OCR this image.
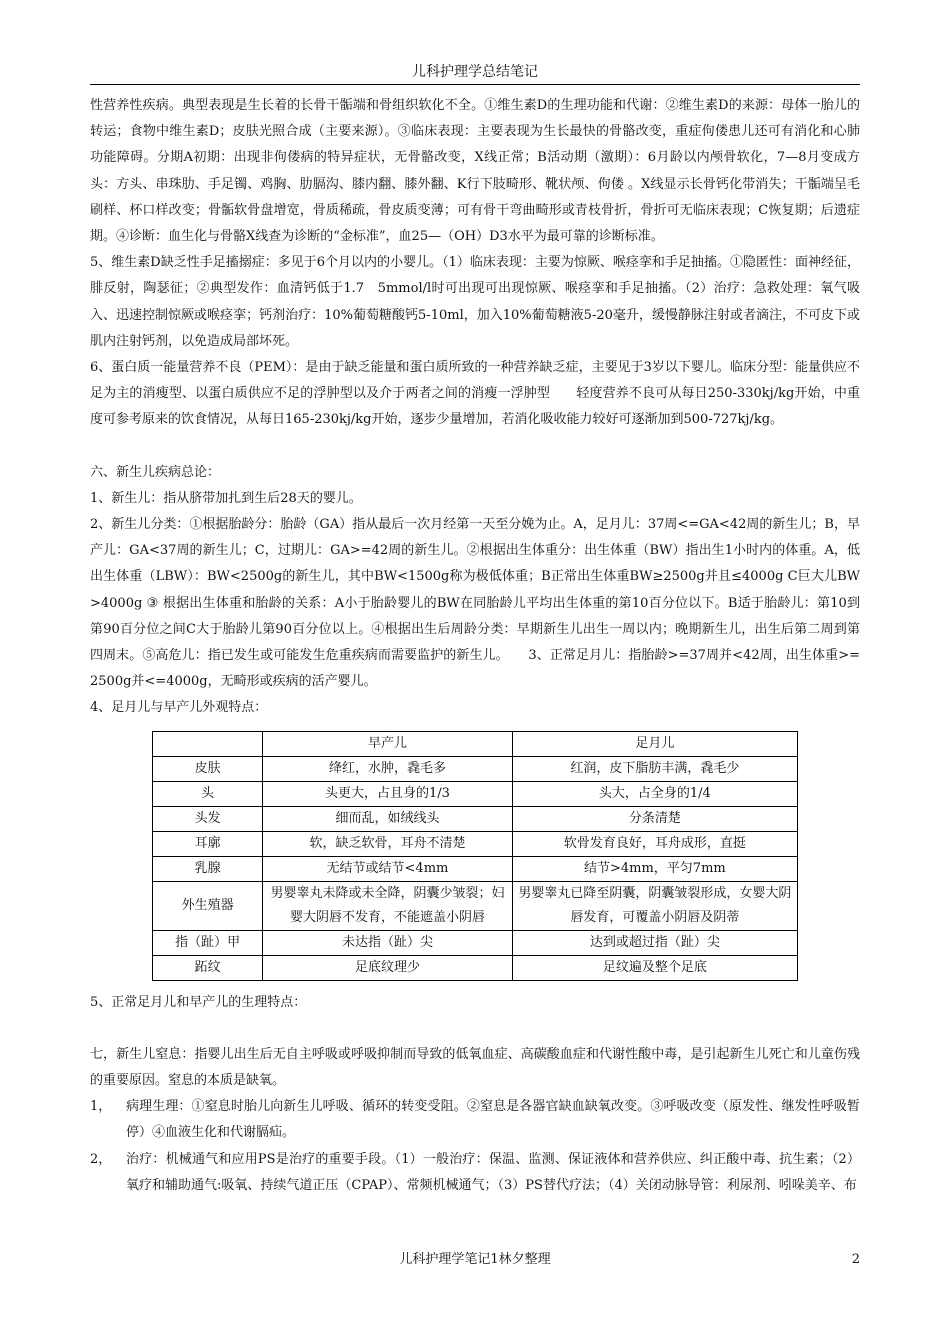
儿科护理学总结笔记

性营养性疾病。典型表现是生长着的长骨干骺端和骨组织软化不全。①维生素D的生理功能和代谢：②维生素D的来源：母体一胎儿的转运；食物中维生素D；皮肤光照合成（主要来源）。③临床表现：主要表现为生长最快的骨骼改变，重症佝偻患儿还可有消化和心肺功能障碍。分期A初期：出现非佝偻病的特异症状，无骨骼改变，X线正常；B活动期（激期）：6月龄以内颅骨软化，7—8月变成方头：方头、串珠肋、手足镯、鸡胸、肋膈沟、膝内翻、膝外翻、K行下肢畸形、靴状颅、佝偻 。X线显示长骨钙化带消失；干骺端呈毛刷样、杯口样改变；骨骺软骨盘增宽，骨质稀疏，骨皮质变薄；可有骨干弯曲畸形或青枝骨折，骨折可无临床表现；C恢复期；后遗症期。④诊断：血生化与骨骼X线查为诊断的“金标准”，血25—（OH）D3水平为最可靠的诊断标准。

5、维生素D缺乏性手足搐搦症：多见于6个月以内的小婴儿。（1）临床表现：主要为惊厥、喉痉挛和手足抽搐。①隐匿性：面神经征，腓反射，陶瑟征；②典型发作：血清钙低于1.7　5mmol/l时可出现可出现惊厥、喉痉挛和手足抽搐。（2）治疗：急救处理：氧气吸入、迅速控制惊厥或喉痉挛；钙剂治疗：10%葡萄糖酸钙5-10ml，加入10%葡萄糖液5-20毫升，缓慢静脉注射或者滴注，不可皮下或肌内注射钙剂，以免造成局部坏死。

6、蛋白质一能量营养不良（PEM）：是由于缺乏能量和蛋白质所致的一种营养缺乏症，主要见于3岁以下婴儿。临床分型：能量供应不足为主的消瘦型、以蛋白质供应不足的浮肿型以及介于两者之间的消瘦一浮肿型　　轻度营养不良可从每日250-330kj/kg开始，中重度可参考原来的饮食情况，从每日165-230kj/kg开始，逐步少量增加，若消化吸收能力较好可逐渐加到500-727kj/kg。

六、新生儿疾病总论：

1、新生儿：指从脐带加扎到生后28天的婴儿。

2、新生儿分类：①根据胎龄分：胎龄（GA）指从最后一次月经第一天至分娩为止。A，足月儿：37周<=GA<42周的新生儿；B，早产儿：GA<37周的新生儿；C，过期儿：GA>=42周的新生儿。②根据出生体重分：出生体重（BW）指出生1小时内的体重。A，低出生体重（LBW）：BW<2500g的新生儿，其中BW<1500g称为极低体重；B正常出生体重BW≥2500g并且≤4000g C巨大儿BW>4000g ③ 根据出生体重和胎龄的关系：A小于胎龄婴儿的BW在同胎龄儿平均出生体重的第10百分位以下。B适于胎龄儿：第10到第90百分位之间C大于胎龄儿第90百分位以上。④根据出生后周龄分类：早期新生儿出生一周以内；晚期新生儿，出生后第二周到第四周末。⑤高危儿：指已发生或可能发生危重疾病而需要监护的新生儿。　　3、正常足月儿：指胎龄>=37周并<42周，出生体重>=2500g并<=4000g，无畸形或疾病的活产婴儿。

4、足月儿与早产儿外观特点：

	早产儿	足月儿
皮肤	绛红，水肿，毳毛多	红润，皮下脂肪丰满，毳毛少
头	头更大，占且身的1/3	头大，占全身的1/4
头发	细而乱，如绒线头	分条清楚
耳廓	软，缺乏软骨，耳舟不清楚	软骨发育良好，耳舟成形，直挺
乳腺	无结节或结节<4mm	结节>4mm，平匀7mm
外生殖器	男婴睾丸未降或未全降，阴囊少皱裂；妇婴大阴唇不发育，不能遮盖小阴唇	男婴睾丸已降至阴囊，阴囊皱裂形成，女婴大阴唇发育，可覆盖小阴唇及阴蒂
指（趾）甲	未达指（趾）尖	达到或超过指（趾）尖
跖纹	足底纹理少	足纹遍及整个足底

5、正常足月儿和早产儿的生理特点：

七，新生儿窒息：指婴儿出生后无自主呼吸或呼吸抑制而导致的低氧血症、高碳酸血症和代谢性酸中毒，是引起新生儿死亡和儿童伤残的重要原因。窒息的本质是缺氧。

1，	病理生理：①窒息时胎儿向新生儿呼吸、循环的转变受阻。②窒息是各器官缺血缺氧改变。③呼吸改变（原发性、继发性呼吸暂停）④血液生化和代谢膈疝。
2，	治疗：机械通气和应用PS是治疗的重要手段。（1）一般治疗：保温、监测、保证液体和营养供应、纠正酸中毒、抗生素；（2）氧疗和辅助通气:吸氧、持续气道正压（CPAP）、常频机械通气；（3）PS替代疗法；（4）关闭动脉导管：利尿剂、吲哚美辛、布
儿科护理学笔记1林夕整理	2
